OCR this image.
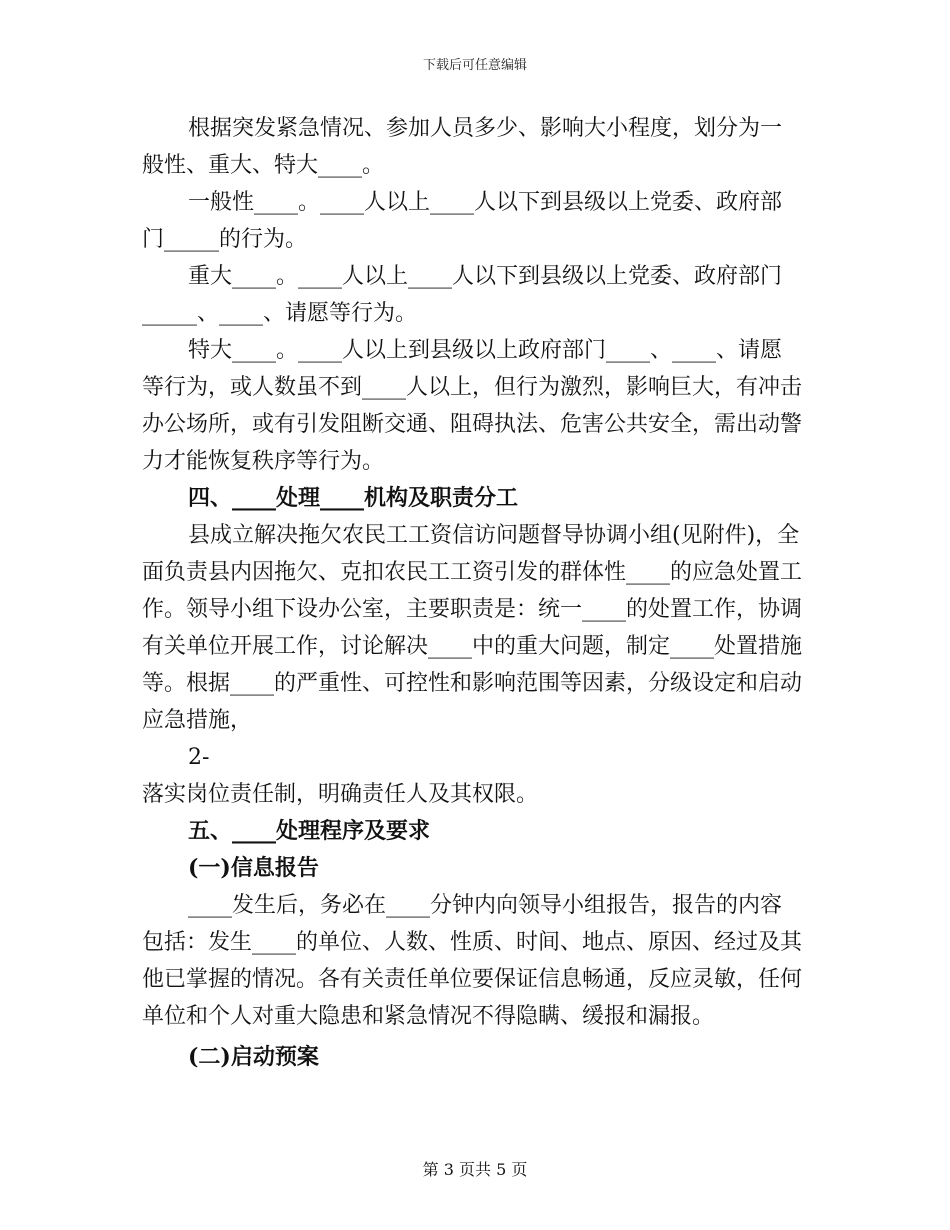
下载后可任意编辑

根据突发紧急情况、参加人员多少、影响大小程度，划分为一般性、重大、特大____。

一般性____。____人以上____人以下到县级以上党委、政府部门_____的行为。

重大____。____人以上____人以下到县级以上党委、政府部门_____、____、请愿等行为。

特大____。____人以上到县级以上政府部门____、____、请愿等行为，或人数虽不到____人以上，但行为激烈，影响巨大，有冲击办公场所，或有引发阻断交通、阻碍执法、危害公共安全，需出动警力才能恢复秩序等行为。

四、____处理____机构及职责分工

县成立解决拖欠农民工工资信访问题督导协调小组(见附件)，全面负责县内因拖欠、克扣农民工工资引发的群体性____的应急处置工作。领导小组下设办公室，主要职责是：统一____的处置工作，协调有关单位开展工作，讨论解决____中的重大问题，制定____处置措施等。根据____的严重性、可控性和影响范围等因素，分级设定和启动应急措施，

2-

落实岗位责任制，明确责任人及其权限。

五、____处理程序及要求

(一)信息报告

____发生后，务必在____分钟内向领导小组报告，报告的内容包括：发生____的单位、人数、性质、时间、地点、原因、经过及其他已掌握的情况。各有关责任单位要保证信息畅通，反应灵敏，任何单位和个人对重大隐患和紧急情况不得隐瞒、缓报和漏报。

(二)启动预案

第 3 页共 5 页
